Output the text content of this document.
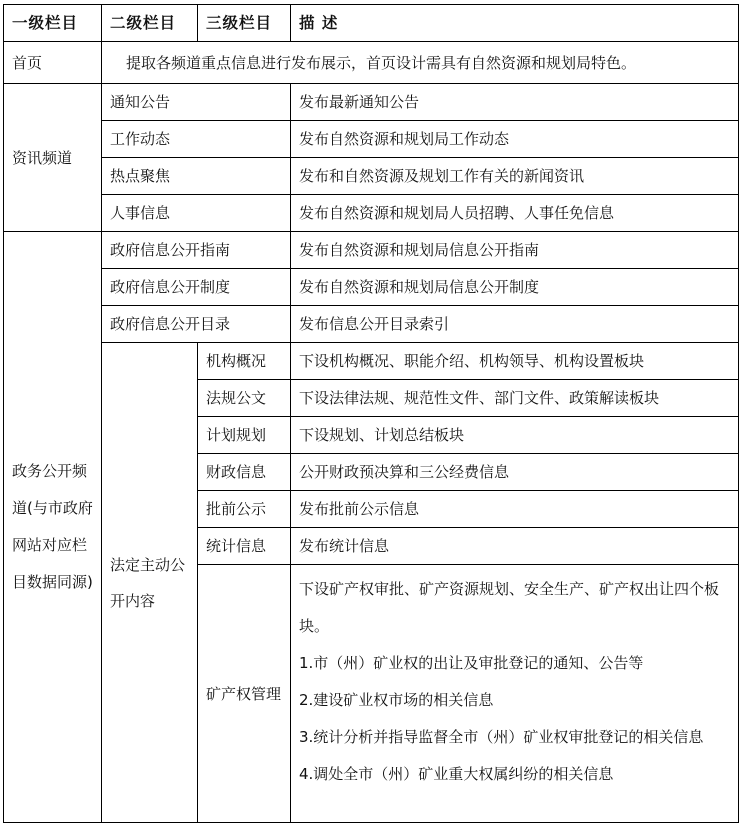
一级栏目	二级栏目	三级栏目	描 述
首页	提取各频道重点信息进行发布展示，首页设计需具有自然资源和规划局特色。		
资讯频道	通知公告		发布最新通知公告
	工作动态		发布自然资源和规划局工作动态
	热点聚焦		发布和自然资源及规划工作有关的新闻资讯
	人事信息		发布自然资源和规划局人员招聘、人事任免信息
政务公开频道(与市政府网站对应栏目数据同源)	政府信息公开指南		发布自然资源和规划局信息公开指南
	政府信息公开制度		发布自然资源和规划局信息公开制度
	政府信息公开目录		发布信息公开目录索引
	法定主动公开内容	机构概况	下设机构概况、职能介绍、机构领导、机构设置板块
		法规公文	下设法律法规、规范性文件、部门文件、政策解读板块
		计划规划	下设规划、计划总结板块
		财政信息	公开财政预决算和三公经费信息
		批前公示	发布批前公示信息
		统计信息	发布统计信息
		矿产权管理	下设矿产权审批、矿产资源规划、安全生产、矿产权出让四个板块。
1.市（州）矿业权的出让及审批登记的通知、公告等
2.建设矿业权市场的相关信息
3.统计分析并指导监督全市（州）矿业权审批登记的相关信息
4.调处全市（州）矿业重大权属纠纷的相关信息
